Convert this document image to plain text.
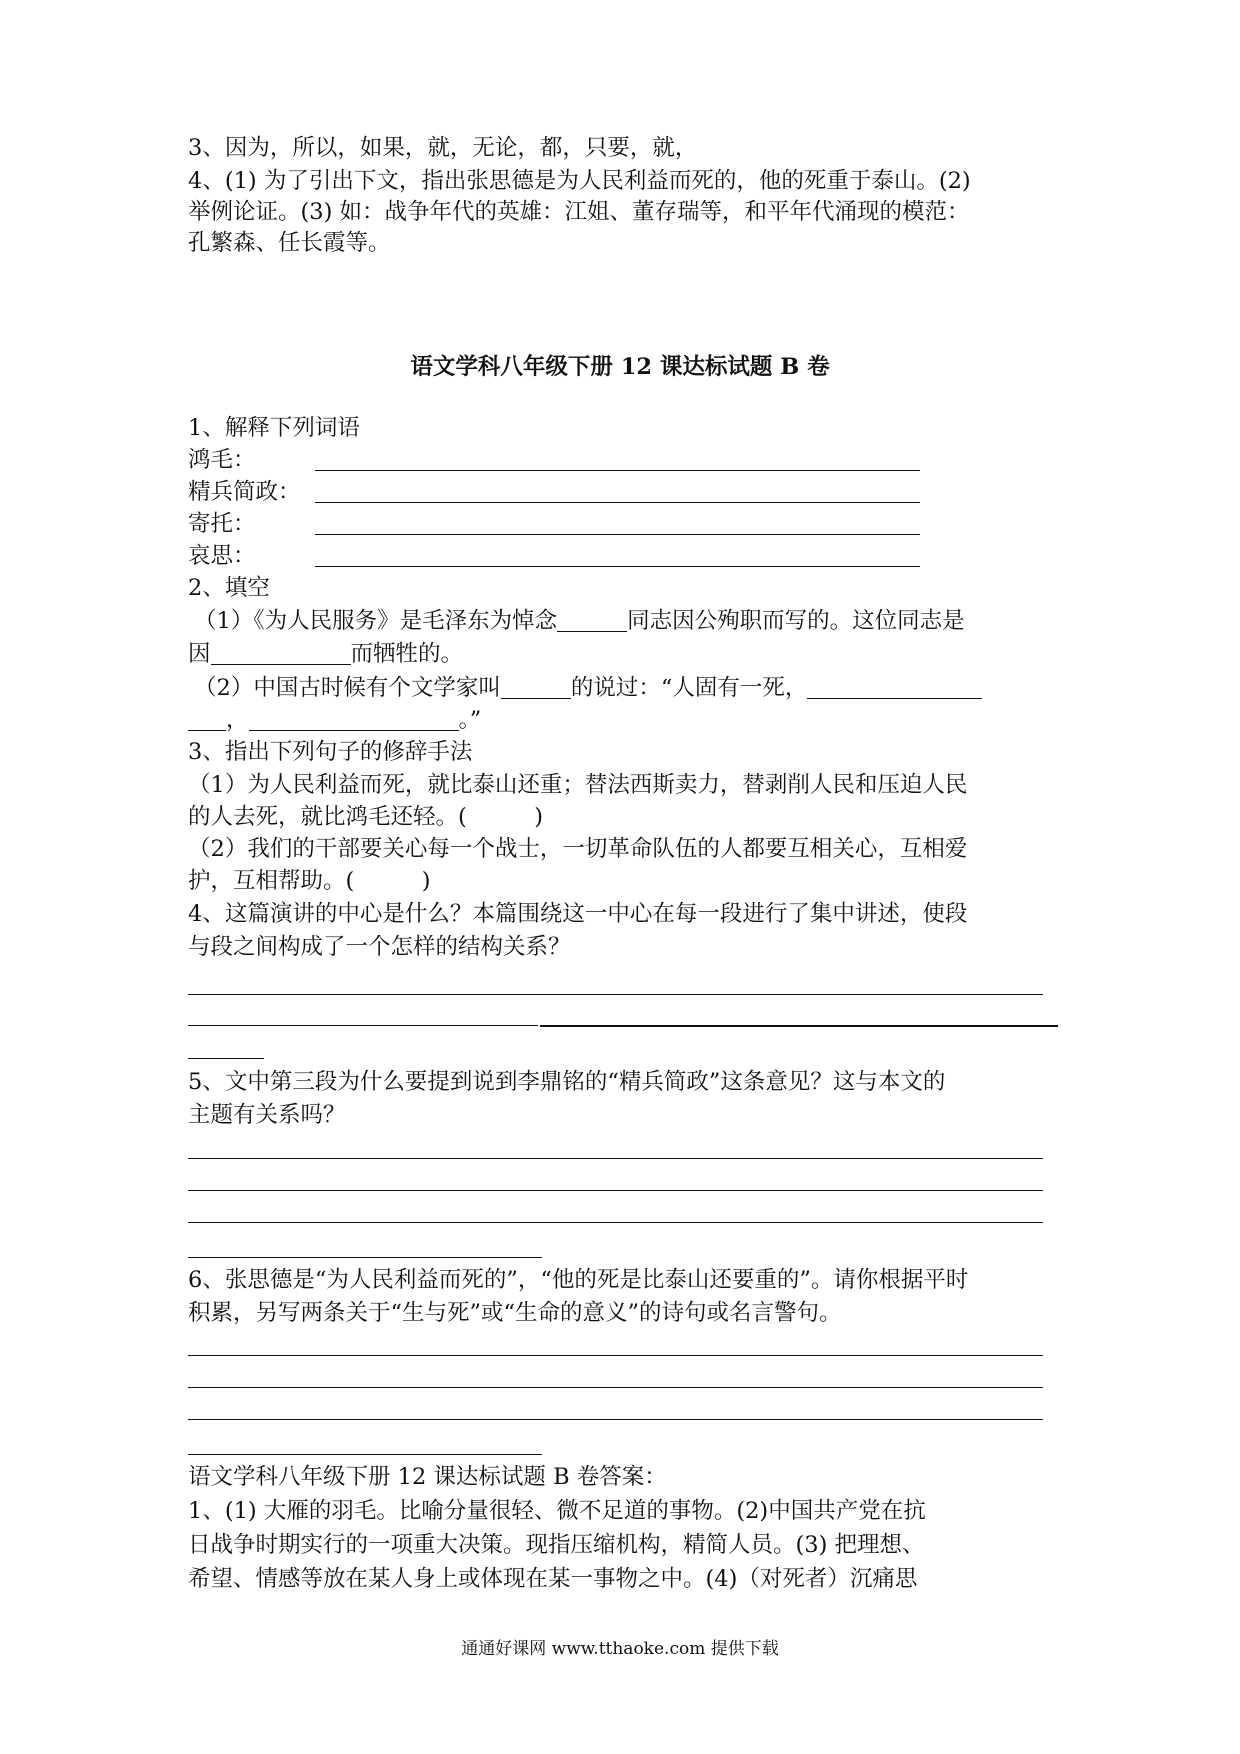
3、因为，所以，如果，就，无论，都，只要，就，
4、(1) 为了引出下文，指出张思德是为人民利益而死的，他的死重于泰山。(2)
举例论证。(3) 如：战争年代的英雄：江姐、董存瑞等，和平年代涌现的模范：
孔繁森、任长霞等。
语文学科八年级下册 12 课达标试题 B 卷
1、解释下列词语
鸿毛：
精兵简政：
寄托：
哀思：
2、填空
（1）《为人民服务》是毛泽东为悼念	同志因公殉职而写的。这位同志是
因	而牺牲的。
（2）中国古时候有个文学家叫	的说过：“人固有一死，
，	。”
3、指出下列句子的修辞手法
（1）为人民利益而死，就比泰山还重；替法西斯卖力，替剥削人民和压迫人民
的人去死，就比鸿毛还轻。(　　　)
（2）我们的干部要关心每一个战士，一切革命队伍的人都要互相关心，互相爱
护，互相帮助。(　　　)
4、这篇演讲的中心是什么？本篇围绕这一中心在每一段进行了集中讲述，使段
与段之间构成了一个怎样的结构关系？
5、文中第三段为什么要提到说到李鼎铭的“精兵简政”这条意见？这与本文的
主题有关系吗？
6、张思德是“为人民利益而死的”，“他的死是比泰山还要重的”。请你根据平时
积累，另写两条关于“生与死”或“生命的意义”的诗句或名言警句。
语文学科八年级下册 12 课达标试题 B 卷答案：
1、(1) 大雁的羽毛。比喻分量很轻、微不足道的事物。(2)中国共产党在抗
日战争时期实行的一项重大决策。现指压缩机构，精简人员。(3) 把理想、
希望、情感等放在某人身上或体现在某一事物之中。(4)（对死者）沉痛思
通通好课网 www.tthaoke.com 提供下载
